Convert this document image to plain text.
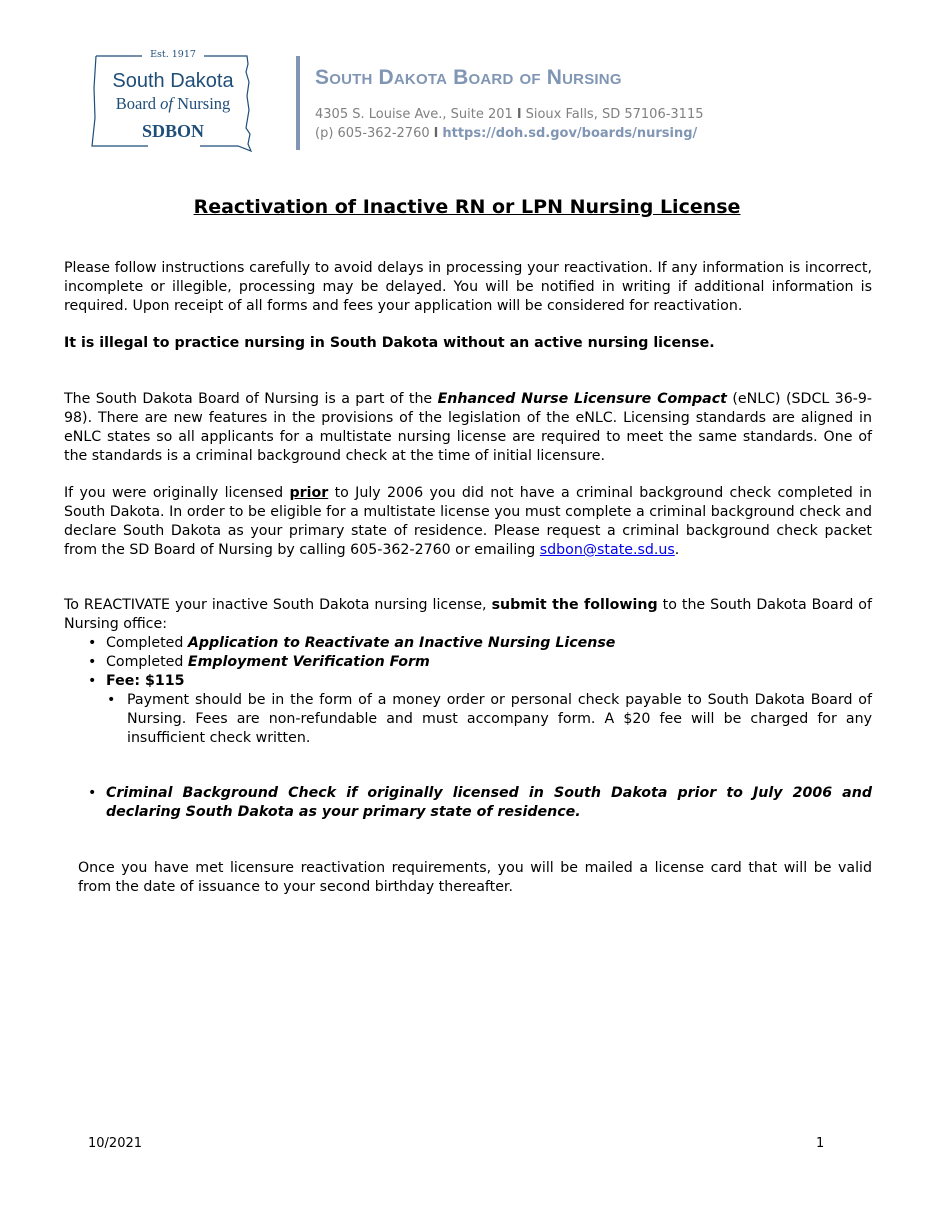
Est. 1917
South Dakota
Board of Nursing
SDBON
South Dakota Board of Nursing
4305 S. Louise Ave., Suite 201 l Sioux Falls, SD 57106-3115
(p) 605-362-2760 l https://doh.sd.gov/boards/nursing/
Reactivation of Inactive RN or LPN Nursing License
Please follow instructions carefully to avoid delays in processing your reactivation. If any information is incorrect, incomplete or illegible, processing may be delayed. You will be notified in writing if additional information is required. Upon receipt of all forms and fees your application will be considered for reactivation.
It is illegal to practice nursing in South Dakota without an active nursing license.
The South Dakota Board of Nursing is a part of the Enhanced Nurse Licensure Compact (eNLC) (SDCL 36-9-98). There are new features in the provisions of the legislation of the eNLC. Licensing standards are aligned in eNLC states so all applicants for a multistate nursing license are required to meet the same standards. One of the standards is a criminal background check at the time of initial licensure.
If you were originally licensed prior to July 2006 you did not have a criminal background check completed in South Dakota. In order to be eligible for a multistate license you must complete a criminal background check and declare South Dakota as your primary state of residence. Please request a criminal background check packet from the SD Board of Nursing by calling 605-362-2760 or emailing sdbon@state.sd.us.
To REACTIVATE your inactive South Dakota nursing license, submit the following to the South Dakota Board of Nursing office:
• Completed Application to Reactivate an Inactive Nursing License
• Completed Employment Verification Form
• Fee: $115
• Payment should be in the form of a money order or personal check payable to South Dakota Board of Nursing. Fees are non-refundable and must accompany form. A $20 fee will be charged for any insufficient check written.
• Criminal Background Check if originally licensed in South Dakota prior to July 2006 and declaring South Dakota as your primary state of residence.
Once you have met licensure reactivation requirements, you will be mailed a license card that will be valid from the date of issuance to your second birthday thereafter.
10/2021	1
